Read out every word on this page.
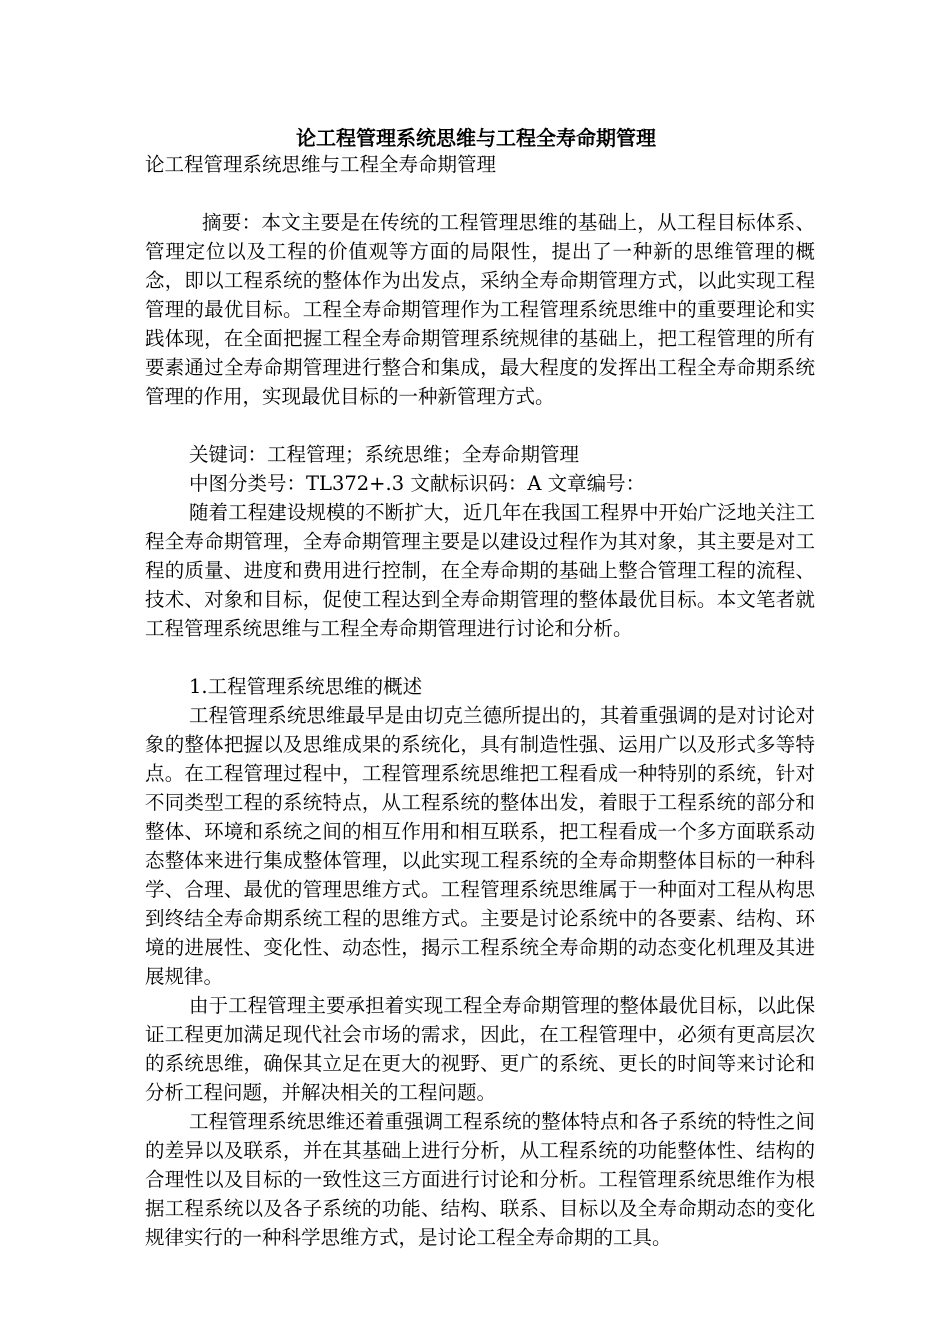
论工程管理系统思维与工程全寿命期管理

论工程管理系统思维与工程全寿命期管理

摘要：本文主要是在传统的工程管理思维的基础上，从工程目标体系、管理定位以及工程的价值观等方面的局限性，提出了一种新的思维管理的概念，即以工程系统的整体作为出发点，采纳全寿命期管理方式，以此实现工程管理的最优目标。工程全寿命期管理作为工程管理系统思维中的重要理论和实践体现，在全面把握工程全寿命期管理系统规律的基础上，把工程管理的所有要素通过全寿命期管理进行整合和集成，最大程度的发挥出工程全寿命期系统管理的作用，实现最优目标的一种新管理方式。

关键词：工程管理；系统思维；全寿命期管理

中图分类号：TL372+.3 文献标识码：A 文章编号：

随着工程建设规模的不断扩大，近几年在我国工程界中开始广泛地关注工程全寿命期管理，全寿命期管理主要是以建设过程作为其对象，其主要是对工程的质量、进度和费用进行控制，在全寿命期的基础上整合管理工程的流程、技术、对象和目标，促使工程达到全寿命期管理的整体最优目标。本文笔者就工程管理系统思维与工程全寿命期管理进行讨论和分析。

1.工程管理系统思维的概述

工程管理系统思维最早是由切克兰德所提出的，其着重强调的是对讨论对象的整体把握以及思维成果的系统化，具有制造性强、运用广以及形式多等特点。在工程管理过程中，工程管理系统思维把工程看成一种特别的系统，针对不同类型工程的系统特点，从工程系统的整体出发，着眼于工程系统的部分和整体、环境和系统之间的相互作用和相互联系，把工程看成一个多方面联系动态整体来进行集成整体管理，以此实现工程系统的全寿命期整体目标的一种科学、合理、最优的管理思维方式。工程管理系统思维属于一种面对工程从构思到终结全寿命期系统工程的思维方式。主要是讨论系统中的各要素、结构、环境的进展性、变化性、动态性，揭示工程系统全寿命期的动态变化机理及其进展规律。

由于工程管理主要承担着实现工程全寿命期管理的整体最优目标，以此保证工程更加满足现代社会市场的需求，因此，在工程管理中，必须有更高层次的系统思维，确保其立足在更大的视野、更广的系统、更长的时间等来讨论和分析工程问题，并解决相关的工程问题。

工程管理系统思维还着重强调工程系统的整体特点和各子系统的特性之间的差异以及联系，并在其基础上进行分析，从工程系统的功能整体性、结构的合理性以及目标的一致性这三方面进行讨论和分析。工程管理系统思维作为根据工程系统以及各子系统的功能、结构、联系、目标以及全寿命期动态的变化规律实行的一种科学思维方式，是讨论工程全寿命期的工具。
